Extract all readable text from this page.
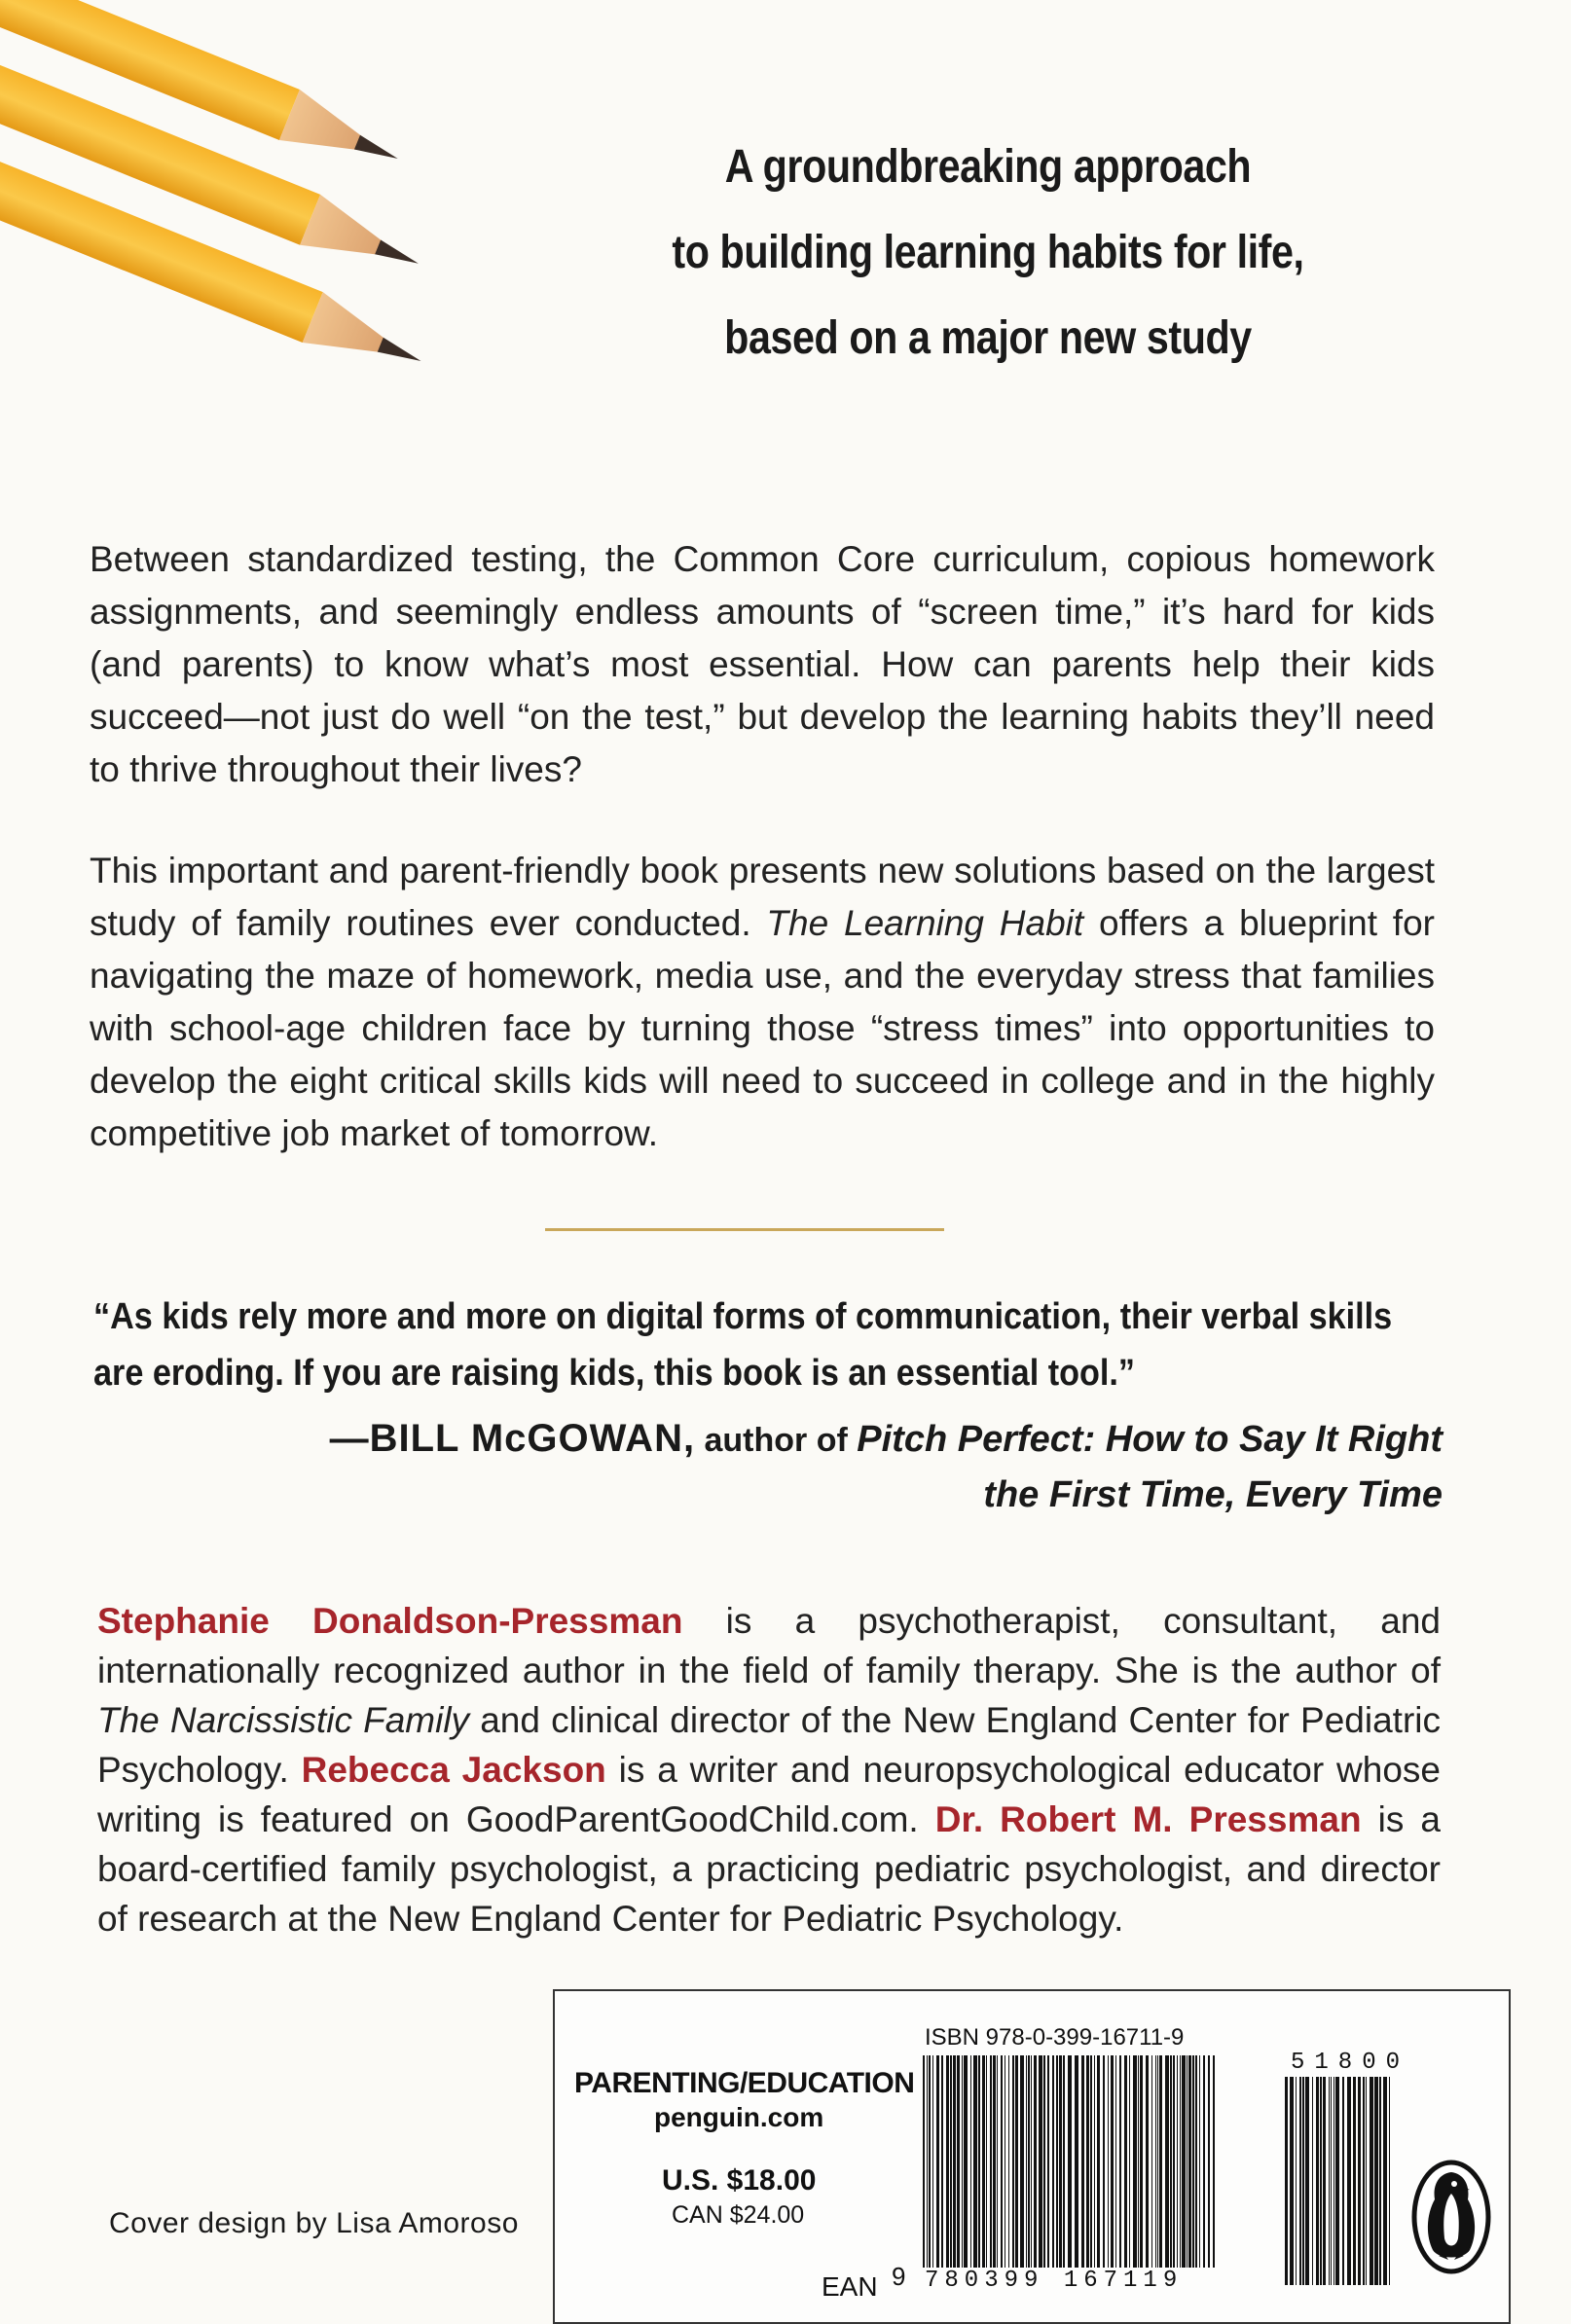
A groundbreaking approach
to building learning habits for life,
based on a major new study
Between standardized testing, the Common Core curriculum, copious homework assignments, and seemingly endless amounts of “screen time,” it’s hard for kids (and parents) to know what’s most essential. How can parents help their kids succeed—not just do well “on the test,” but develop the learning habits they’ll need to thrive throughout their lives?
This important and parent-friendly book presents new solutions based on the largest study of family routines ever conducted. The Learning Habit offers a blueprint for navigating the maze of homework, media use, and the everyday stress that families with school-age children face by turning those “stress times” into opportunities to develop the eight critical skills kids will need to succeed in college and in the highly competitive job market of tomorrow.
“As kids rely more and more on digital forms of communication, their verbal skills are eroding. If you are raising kids, this book is an essential tool.”
—BILL McGOWAN, author of Pitch Perfect: How to Say It Right
the First Time, Every Time
Stephanie Donaldson-Pressman is a psychotherapist, consultant, and internationally recognized author in the field of family therapy. She is the author of The Narcissistic Family and clinical director of the New England Center for Pediatric Psychology. Rebecca Jackson is a writer and neuropsychological educator whose writing is featured on GoodParentGoodChild.com. Dr. Robert M. Pressman is a board-certified family psychologist, a practicing pediatric psychologist, and director of research at the New England Center for Pediatric Psychology.
ISBN 978-0-399-16711-9
PARENTING/EDUCATION
penguin.com
U.S. $18.00
CAN $24.00
EAN 9 780399 167119
51800
Cover design by Lisa Amoroso
